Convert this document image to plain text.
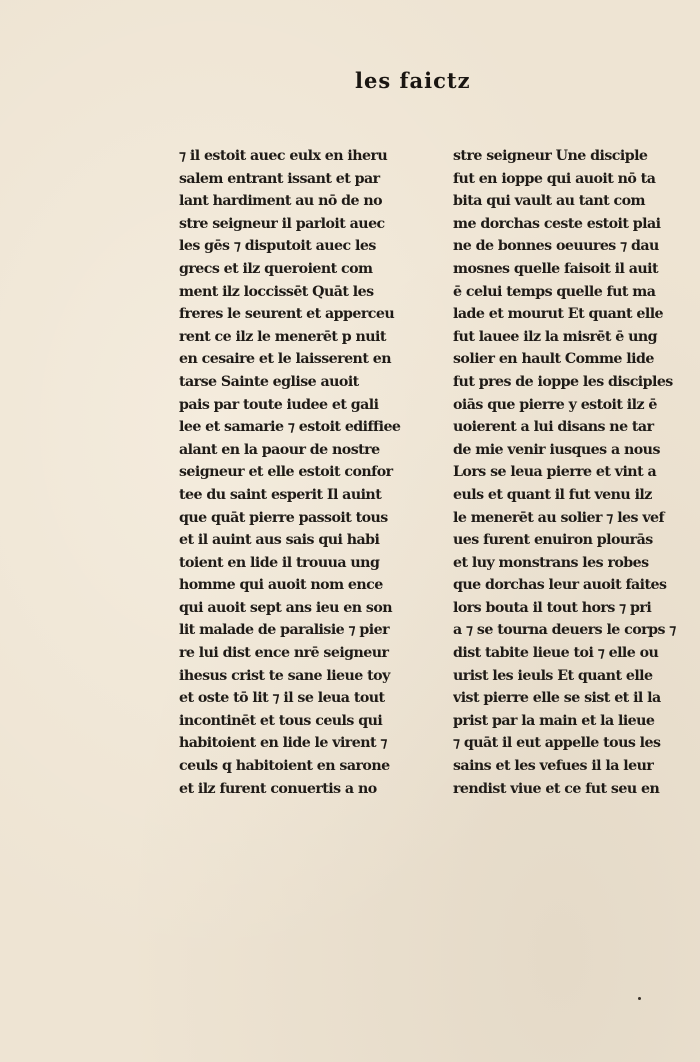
les faictz
⁊ il estoit auec eulx en iheru
salem entrant issant et par
lant hardiment au nō de no
stre seigneur il parloit auec
les gēs ⁊ disputoit auec les
grecs et ilz queroient com
ment ilz loccissēt Quāt les
freres le seurent et apperceu
rent ce ilz le menerēt p nuit
en cesaire et le laisserent en
tarse Sainte eglise auoit
pais par toute iudee et gali
lee et samarie ⁊ estoit ediffiee
alant en la paour de nostre
seigneur et elle estoit confor
tee du saint esperit Il auint
que quāt pierre passoit tous
et il auint aus sais qui habi
toient en lide il trouua ung
homme qui auoit nom ence
qui auoit sept ans ieu en son
lit malade de paralisie ⁊ pier
re lui dist ence nrē seigneur
ihesus crist te sane lieue toy
et oste tō lit ⁊ il se leua tout
incontinēt et tous ceuls qui
habitoient en lide le virent ⁊
ceuls q habitoient en sarone
et ilz furent conuertis a no
stre seigneur Une disciple
fut en ioppe qui auoit nō ta
bita qui vault au tant com
me dorchas ceste estoit plai
ne de bonnes oeuures ⁊ dau
mosnes quelle faisoit il auit
ē celui temps quelle fut ma
lade et mourut Et quant elle
fut lauee ilz la misrēt ē ung
solier en hault Comme lide
fut pres de ioppe les disciples
oiās que pierre y estoit ilz ē
uoierent a lui disans ne tar
de mie venir iusques a nous
Lors se leua pierre et vint a
euls et quant il fut venu ilz
le menerēt au solier ⁊ les vef
ues furent enuiron plourās
et luy monstrans les robes
que dorchas leur auoit faites
lors bouta il tout hors ⁊ pri
a ⁊ se tourna deuers le corps ⁊
dist tabite lieue toi ⁊ elle ou
urist les ieuls Et quant elle
vist pierre elle se sist et il la
prist par la main et la lieue
⁊ quāt il eut appelle tous les
sains et les vefues il la leur
rendist viue et ce fut seu en
